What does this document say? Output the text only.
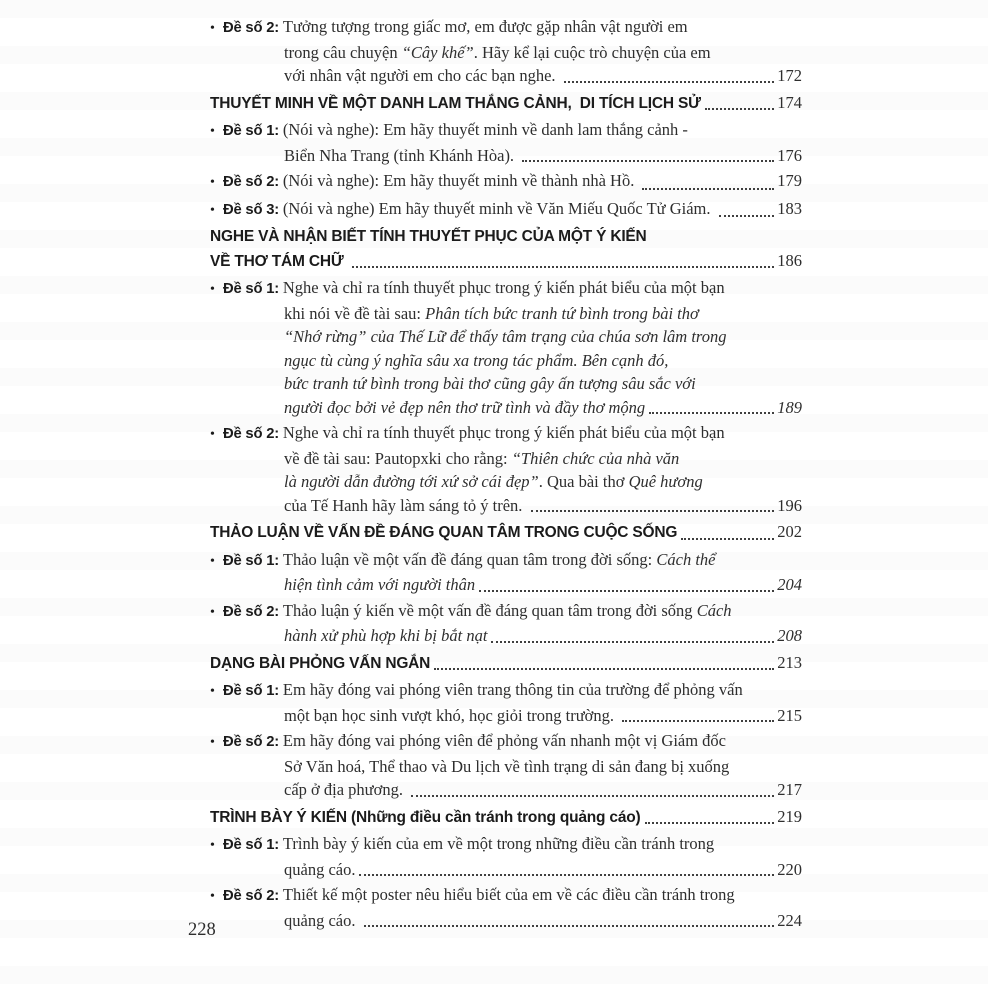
• Đề số 2: Tưởng tượng trong giấc mơ, em được gặp nhân vật người em
trong câu chuyện “Cây khế”. Hãy kể lại cuộc trò chuyện của em
với nhân vật người em cho các bạn nghe.	172
THUYẾT MINH VỀ MỘT DANH LAM THẮNG CẢNH,  DI TÍCH LỊCH SỬ	174
• Đề số 1: (Nói và nghe): Em hãy thuyết minh về danh lam thắng cảnh -
Biển Nha Trang (tỉnh Khánh Hòa).	176
• Đề số 2: (Nói và nghe): Em hãy thuyết minh về thành nhà Hồ.	179
• Đề số 3: (Nói và nghe) Em hãy thuyết minh về Văn Miếu Quốc Tử Giám.	183
NGHE VÀ NHẬN BIẾT TÍNH THUYẾT PHỤC CỦA MỘT Ý KIẾN
VỀ THƠ TÁM CHỮ	186
• Đề số 1: Nghe và chỉ ra tính thuyết phục trong ý kiến phát biểu của một bạn
khi nói về đề tài sau: Phân tích bức tranh tứ bình trong bài thơ
“Nhớ rừng” của Thế Lữ để thấy tâm trạng của chúa sơn lâm trong
ngục tù cùng ý nghĩa sâu xa trong tác phẩm. Bên cạnh đó,
bức tranh tứ bình trong bài thơ cũng gây ấn tượng sâu sắc với
người đọc bởi vẻ đẹp nên thơ trữ tình và đầy thơ mộng	189
• Đề số 2: Nghe và chỉ ra tính thuyết phục trong ý kiến phát biểu của một bạn
về đề tài sau: Pautopxki cho rằng: “Thiên chức của nhà văn
là người dẫn đường tới xứ sở cái đẹp”. Qua bài thơ Quê hương
của Tế Hanh hãy làm sáng tỏ ý trên.	196
THẢO LUẬN VỀ VẤN ĐỀ ĐÁNG QUAN TÂM TRONG CUỘC SỐNG	202
• Đề số 1: Thảo luận về một vấn đề đáng quan tâm trong đời sống: Cách thể
hiện tình cảm với người thân	204
• Đề số 2: Thảo luận ý kiến về một vấn đề đáng quan tâm trong đời sống Cách
hành xử phù hợp khi bị bắt nạt	208
DẠNG BÀI PHỎNG VẤN NGẮN	213
• Đề số 1: Em hãy đóng vai phóng viên trang thông tin của trường để phỏng vấn
một bạn học sinh vượt khó, học giỏi trong trường.	215
• Đề số 2: Em hãy đóng vai phóng viên để phỏng vấn nhanh một vị Giám đốc
Sở Văn hoá, Thể thao và Du lịch về tình trạng di sản đang bị xuống
cấp ở địa phương.	217
TRÌNH BÀY Ý KIẾN (Những điều cần tránh trong quảng cáo)	219
• Đề số 1: Trình bày ý kiến của em về một trong những điều cần tránh trong
quảng cáo.	220
• Đề số 2: Thiết kế một poster nêu hiểu biết của em về các điều cần tránh trong
quảng cáo.	224
228
